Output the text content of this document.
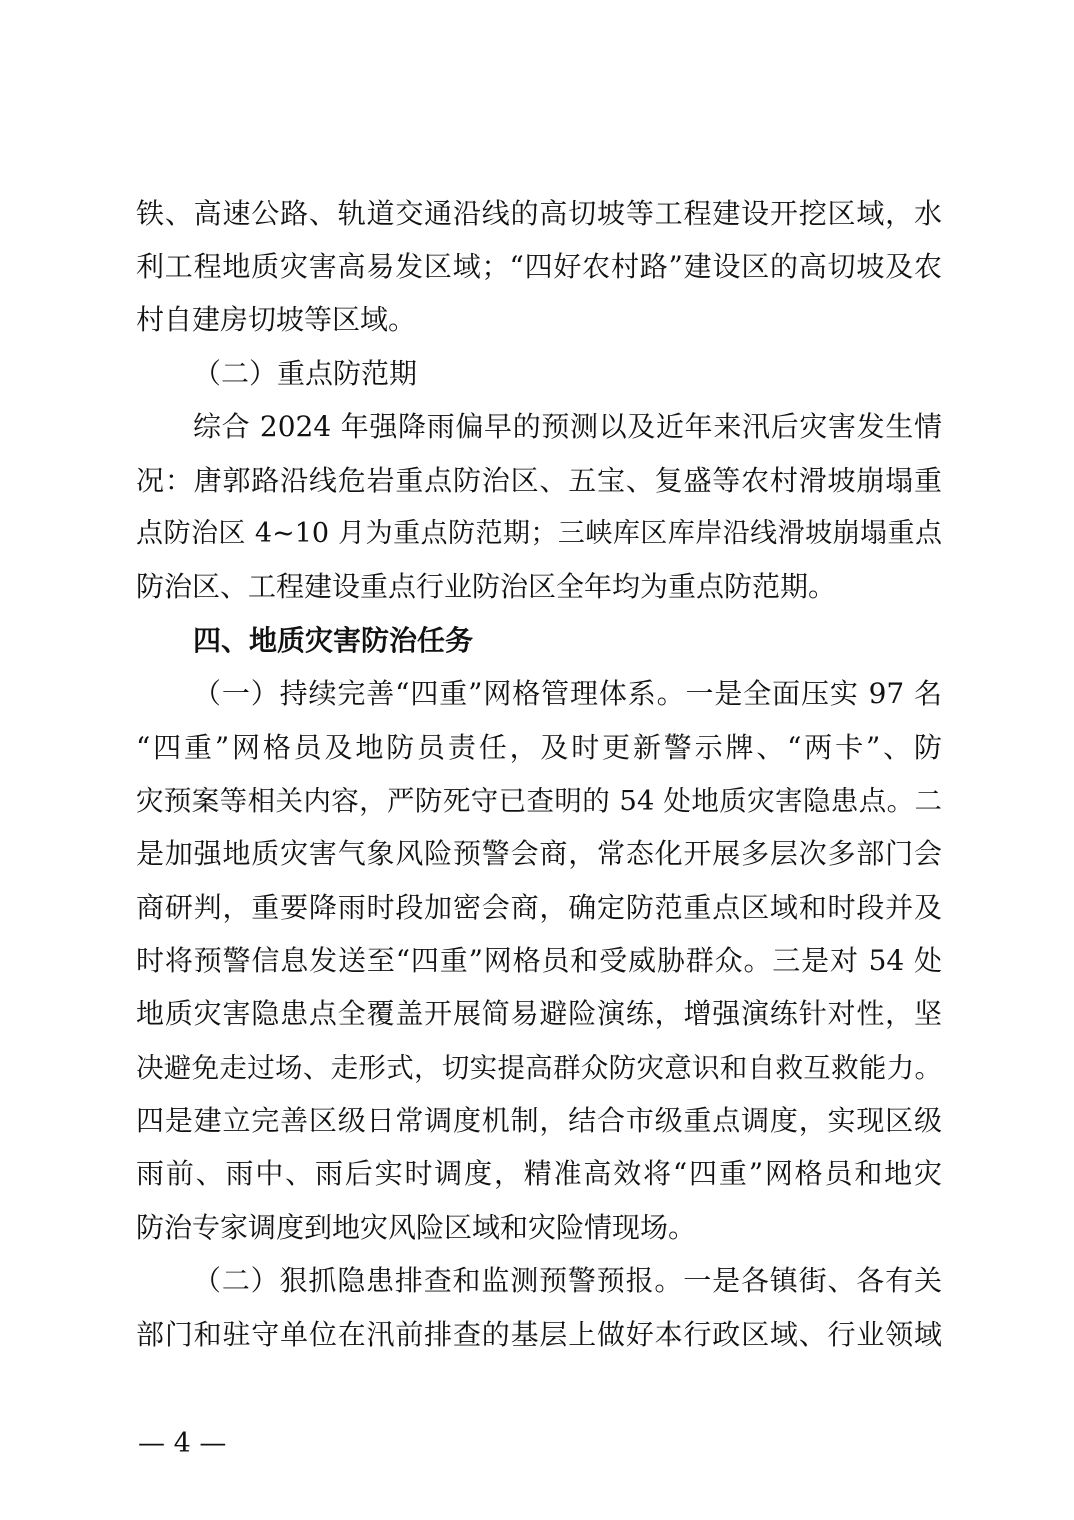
铁、高速公路、轨道交通沿线的高切坡等工程建设开挖区域，水
利工程地质灾害高易发区域；“四好农村路”建设区的高切坡及农
村自建房切坡等区域。
（二）重点防范期
综合 2024 年强降雨偏早的预测以及近年来汛后灾害发生情
况：唐郭路沿线危岩重点防治区、五宝、复盛等农村滑坡崩塌重
点防治区 4~10 月为重点防范期；三峡库区库岸沿线滑坡崩塌重点
防治区、工程建设重点行业防治区全年均为重点防范期。
四、地质灾害防治任务
（一）持续完善“四重”网格管理体系。一是全面压实 97 名
“四重”网格员及地防员责任，及时更新警示牌、“两卡”、防
灾预案等相关内容，严防死守已查明的 54 处地质灾害隐患点。二
是加强地质灾害气象风险预警会商，常态化开展多层次多部门会
商研判，重要降雨时段加密会商，确定防范重点区域和时段并及
时将预警信息发送至“四重”网格员和受威胁群众。三是对 54 处
地质灾害隐患点全覆盖开展简易避险演练，增强演练针对性，坚
决避免走过场、走形式，切实提高群众防灾意识和自救互救能力。
四是建立完善区级日常调度机制，结合市级重点调度，实现区级
雨前、雨中、雨后实时调度，精准高效将“四重”网格员和地灾
防治专家调度到地灾风险区域和灾险情现场。
（二）狠抓隐患排查和监测预警预报。一是各镇街、各有关
部门和驻守单位在汛前排查的基层上做好本行政区域、行业领域
— 4 —
